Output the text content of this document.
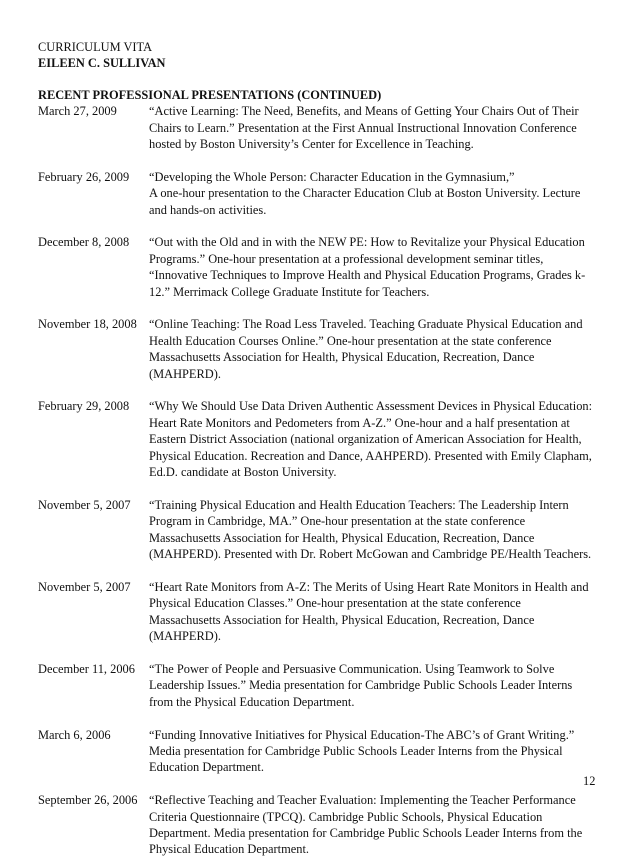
CURRICULUM VITA
EILEEN C. SULLIVAN
RECENT PROFESSIONAL PRESENTATIONS (CONTINUED)
March 27, 2009	“Active Learning: The Need, Benefits, and Means of Getting Your Chairs Out of Their
Chairs to Learn.” Presentation at the First Annual Instructional Innovation Conference
hosted by Boston University’s Center for Excellence in Teaching.
February 26, 2009	“Developing the Whole Person: Character Education in the Gymnasium,”
A one-hour presentation to the Character Education Club at Boston University. Lecture
and hands-on activities.
December 8, 2008	“Out with the Old and in with the NEW PE: How to Revitalize your Physical Education
Programs.” One-hour presentation at a professional development seminar titles,
“Innovative Techniques to Improve Health and Physical Education Programs, Grades k-
12.” Merrimack College Graduate Institute for Teachers.
November 18, 2008 “Online Teaching: The Road Less Traveled. Teaching Graduate Physical Education and
Health Education Courses Online.” One-hour presentation at the state conference
Massachusetts Association for Health, Physical Education, Recreation, Dance
(MAHPERD).
February 29, 2008	“Why We Should Use Data Driven Authentic Assessment Devices in Physical Education:
Heart Rate Monitors and Pedometers from A-Z.” One-hour and a half presentation at
Eastern District Association (national organization of American Association for Health,
Physical Education. Recreation and Dance, AAHPERD). Presented with Emily Clapham,
Ed.D. candidate at Boston University.
November 5, 2007	“Training Physical Education and Health Education Teachers: The Leadership Intern
Program in Cambridge, MA.” One-hour presentation at the state conference
Massachusetts Association for Health, Physical Education, Recreation, Dance
(MAHPERD). Presented with Dr. Robert McGowan and Cambridge PE/Health Teachers.
November 5, 2007	“Heart Rate Monitors from A-Z: The Merits of Using Heart Rate Monitors in Health and
Physical Education Classes.” One-hour presentation at the state conference
Massachusetts Association for Health, Physical Education, Recreation, Dance
(MAHPERD).
December 11, 2006	“The Power of People and Persuasive Communication. Using Teamwork to Solve
Leadership Issues.” Media presentation for Cambridge Public Schools Leader Interns
from the Physical Education Department.
March 6, 2006	“Funding Innovative Initiatives for Physical Education-The ABC’s of Grant Writing.”
Media presentation for Cambridge Public Schools Leader Interns from the Physical
Education Department.
September 26, 2006 “Reflective Teaching and Teacher Evaluation: Implementing the Teacher Performance
Criteria Questionnaire (TPCQ). Cambridge Public Schools, Physical Education
Department. Media presentation for Cambridge Public Schools Leader Interns from the
Physical Education Department.
12
